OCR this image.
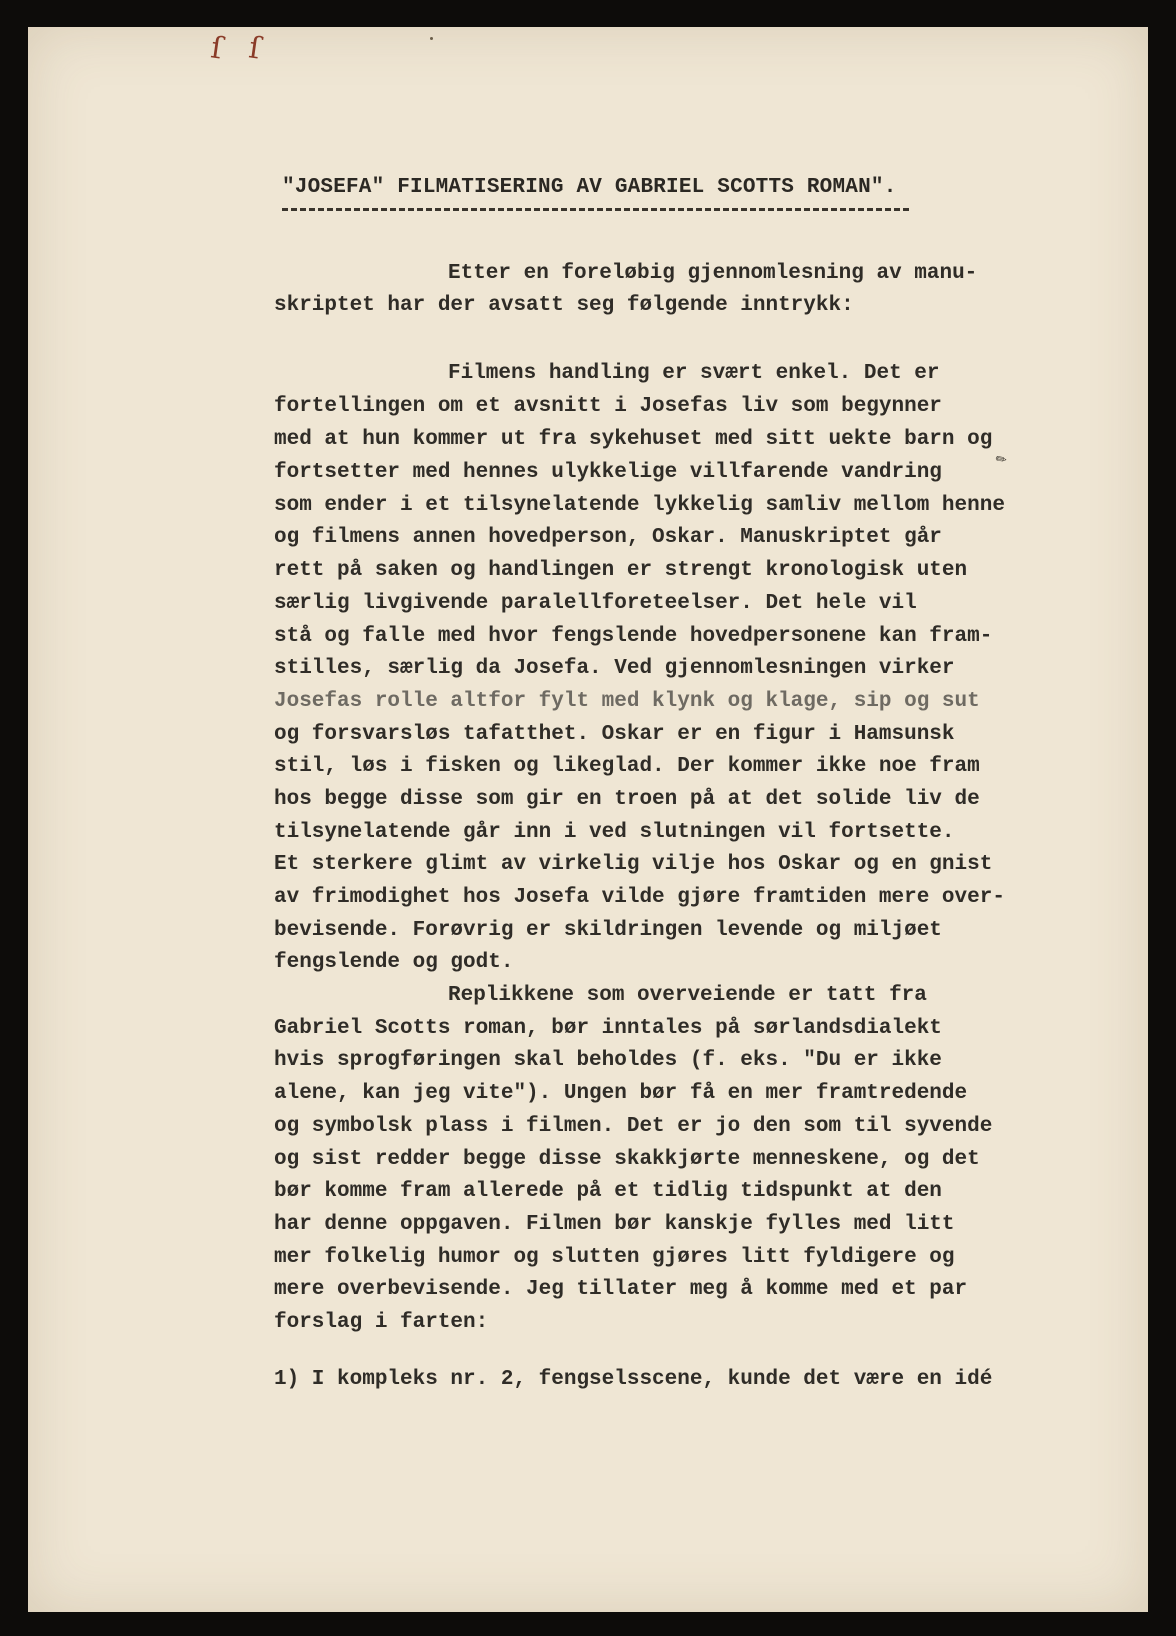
ſ ſ
"JOSEFA" FILMATISERING AV GABRIEL SCOTTS ROMAN".
Etter en foreløbig gjennomlesning av manu-
skriptet har der avsatt seg følgende inntrykk:
Filmens handling er svært enkel. Det er
fortellingen om et avsnitt i Josefas liv som begynner
med at hun kommer ut fra sykehuset med sitt uekte barn og
fortsetter med hennes ulykkelige villfarende vandring
som ender i et tilsynelatende lykkelig samliv mellom henne
og filmens annen hovedperson, Oskar. Manuskriptet går
rett på saken og handlingen er strengt kronologisk uten
særlig livgivende paralellforeteelser. Det hele vil
stå og falle med hvor fengslende hovedpersonene kan fram-
stilles, særlig da Josefa. Ved gjennomlesningen virker
Josefas rolle altfor fylt med klynk og klage, sip og sut
og forsvarsløs tafatthet. Oskar er en figur i Hamsunsk
stil, løs i fisken og likeglad. Der kommer ikke noe fram
hos begge disse som gir en troen på at det solide liv de
tilsynelatende går inn i ved slutningen vil fortsette.
Et sterkere glimt av virkelig vilje hos Oskar og en gnist
av frimodighet hos Josefa vilde gjøre framtiden mere over-
bevisende. Forøvrig er skildringen levende og miljøet
fengslende og godt.
Replikkene som overveiende er tatt fra
Gabriel Scotts roman, bør inntales på sørlandsdialekt
hvis sprogføringen skal beholdes (f. eks. "Du er ikke
alene, kan jeg vite"). Ungen bør få en mer framtredende
og symbolsk plass i filmen. Det er jo den som til syvende
og sist redder begge disse skakkjørte menneskene, og det
bør komme fram allerede på et tidlig tidspunkt at den
har denne oppgaven. Filmen bør kanskje fylles med litt
mer folkelig humor og slutten gjøres litt fyldigere og
mere overbevisende. Jeg tillater meg å komme med et par
forslag i farten:
1) I kompleks nr. 2, fengselsscene, kunde det være en idé
✎
